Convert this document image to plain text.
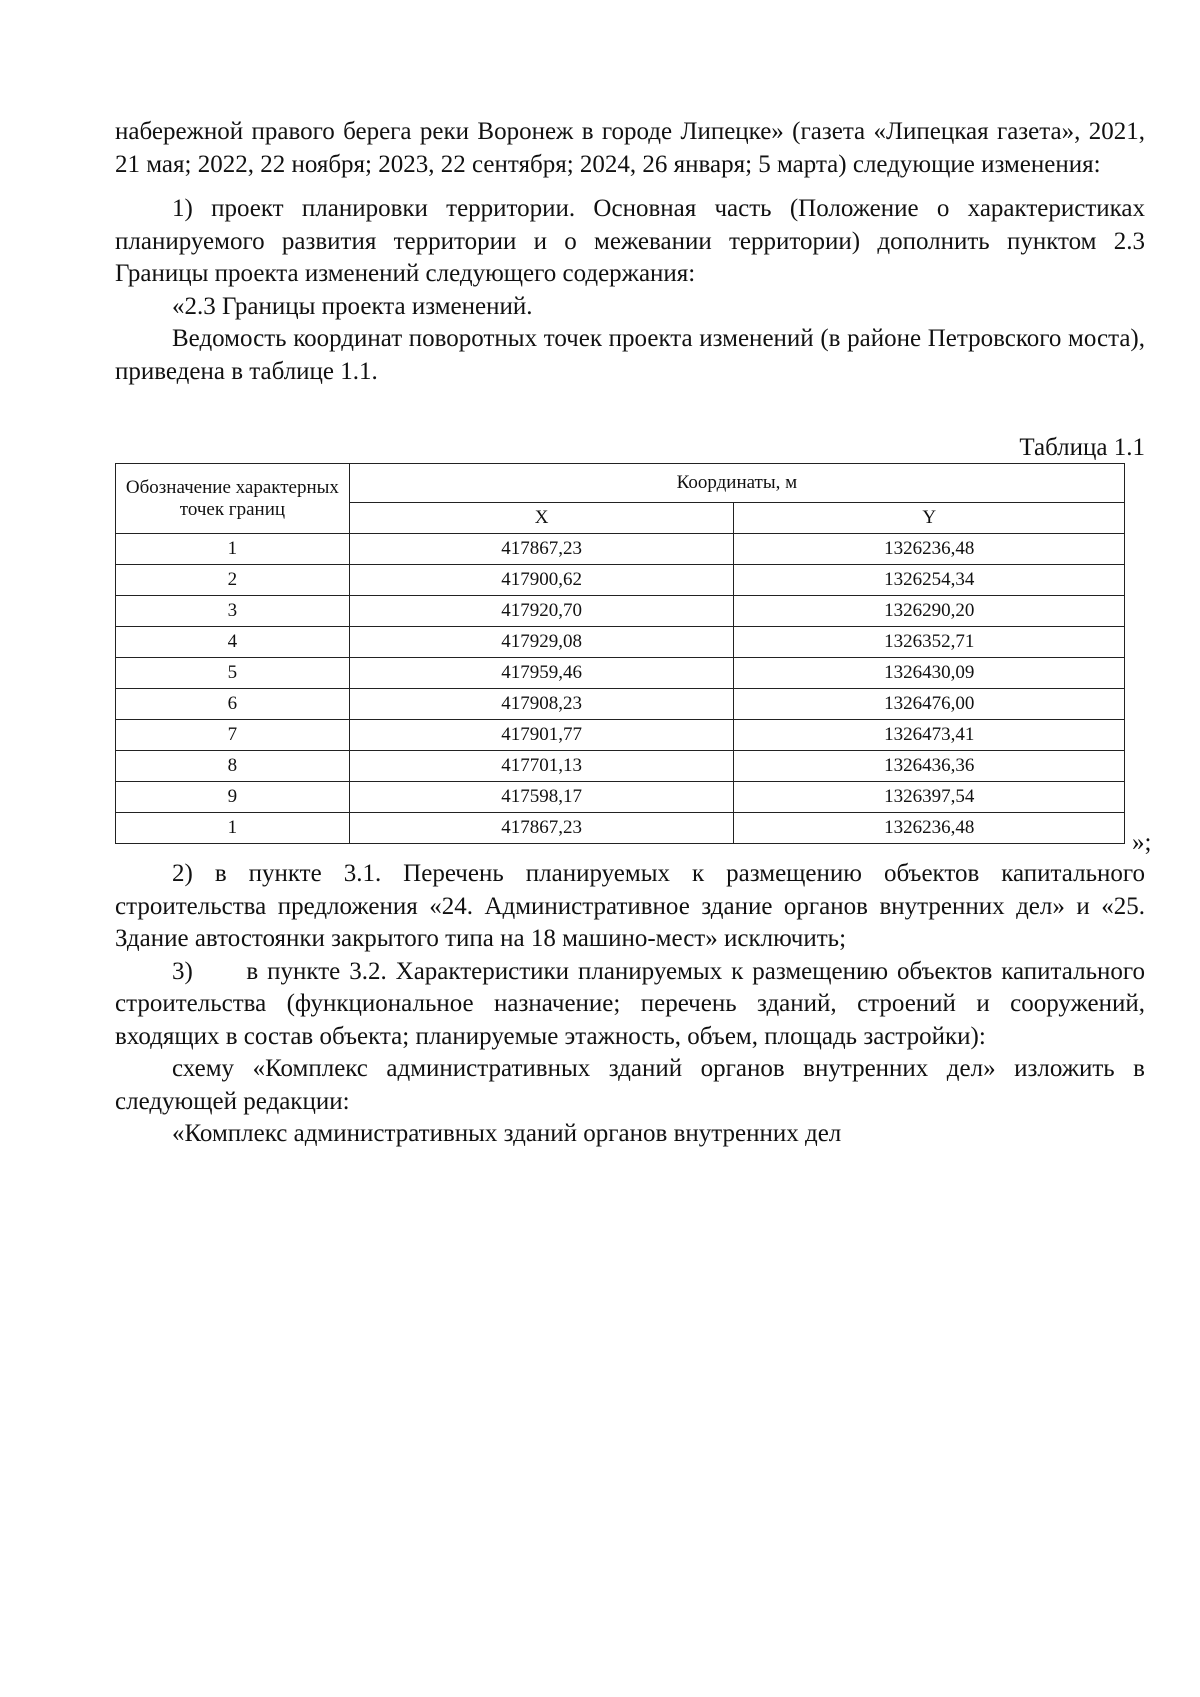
набережной правого берега реки Воронеж в городе Липецке» (газета «Липецкая газета», 2021, 21 мая; 2022, 22 ноября; 2023, 22 сентября; 2024, 26 января; 5 марта) следующие изменения:

1) проект планировки территории. Основная часть (Положение о характеристиках планируемого развития территории и о межевании территории) дополнить пунктом 2.3 Границы проекта изменений следующего содержания:

«2.3 Границы проекта изменений.

Ведомость координат поворотных точек проекта изменений (в районе Петровского моста), приведена в таблице 1.1.

Таблица 1.1
Обозначение характерных точек границ	Координаты, м	
	X	Y
1	417867,23	1326236,48
2	417900,62	1326254,34
3	417920,70	1326290,20
4	417929,08	1326352,71
5	417959,46	1326430,09
6	417908,23	1326476,00
7	417901,77	1326473,41
8	417701,13	1326436,36
9	417598,17	1326397,54
1	417867,23	1326236,48
»;

2) в пункте 3.1. Перечень планируемых к размещению объектов капитального строительства предложения «24. Административное здание органов внутренних дел» и «25. Здание автостоянки закрытого типа на 18 машино-мест» исключить;

3)      в пункте 3.2. Характеристики планируемых к размещению объектов капитального строительства (функциональное назначение; перечень зданий, строений и сооружений, входящих в состав объекта; планируемые этажность, объем, площадь застройки):

схему «Комплекс административных зданий органов внутренних дел» изложить в следующей редакции:

«Комплекс административных зданий органов внутренних дел
